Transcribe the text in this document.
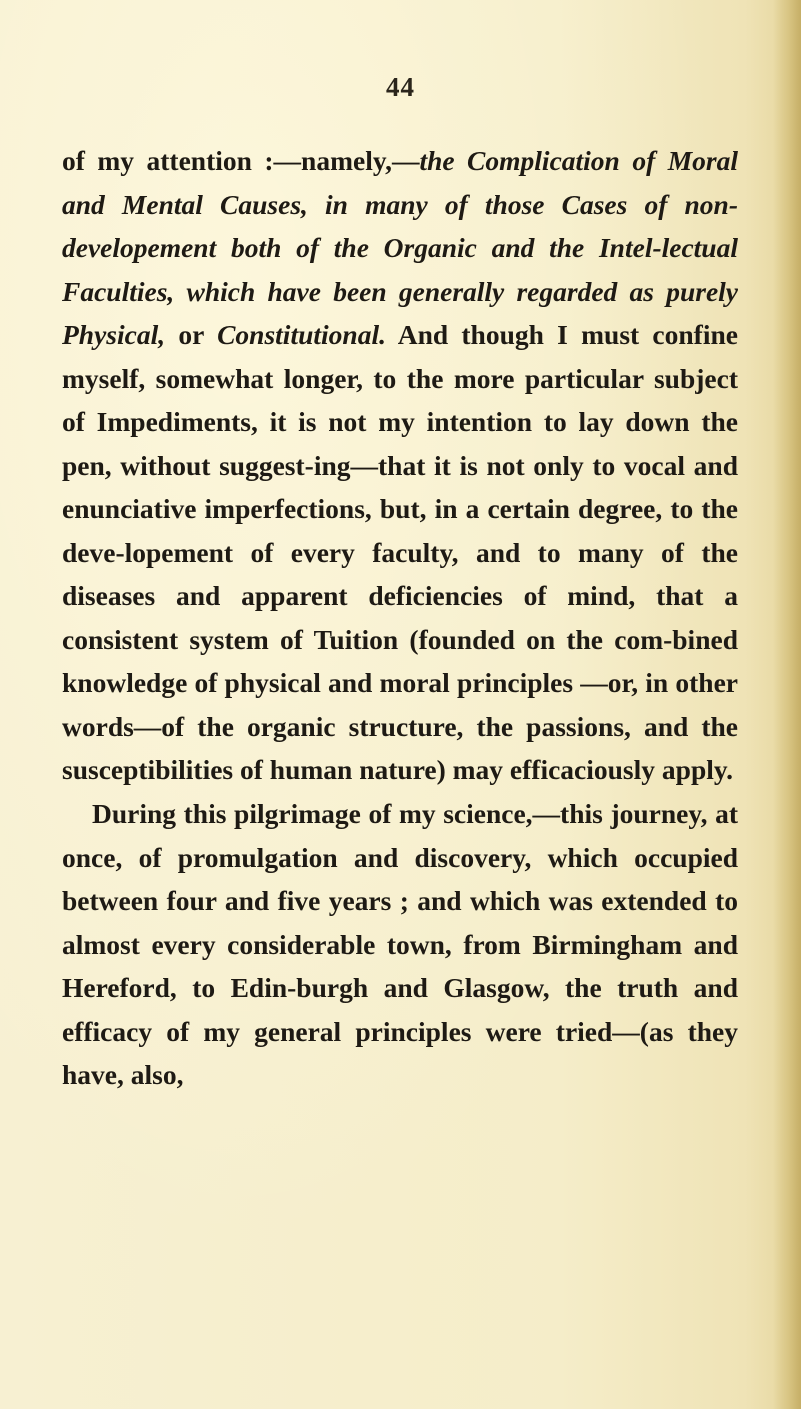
44

of my attention :—namely,—the Complication of Moral and Mental Causes, in many of those Cases of non-developement both of the Organic and the Intel-lectual Faculties, which have been generally regarded as purely Physical, or Constitutional. And though I must confine myself, somewhat longer, to the more particular subject of Impediments, it is not my intention to lay down the pen, without suggest-ing—that it is not only to vocal and enunciative imperfections, but, in a certain degree, to the deve-lopement of every faculty, and to many of the diseases and apparent deficiencies of mind, that a consistent system of Tuition (founded on the com-bined knowledge of physical and moral principles —or, in other words—of the organic structure, the passions, and the susceptibilities of human nature) may efficaciously apply.

During this pilgrimage of my science,—this journey, at once, of promulgation and discovery, which occupied between four and five years ; and which was extended to almost every considerable town, from Birmingham and Hereford, to Edin-burgh and Glasgow, the truth and efficacy of my general principles were tried—(as they have, also,
